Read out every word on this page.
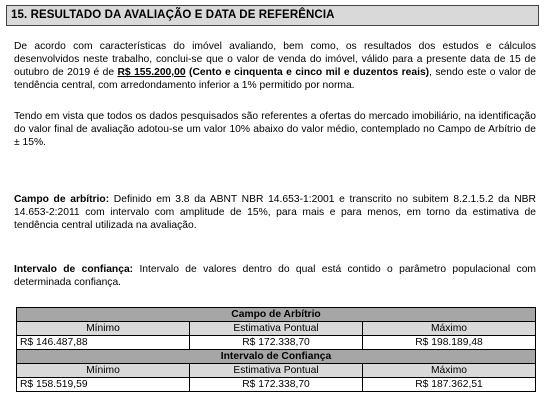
15. RESULTADO DA AVALIAÇÃO E DATA DE REFERÊNCIA
De acordo com características do imóvel avaliando, bem como, os resultados dos estudos e cálculos desenvolvidos neste trabalho, conclui-se que o valor de venda do imóvel, válido para a presente data de 15 de outubro de 2019 é de R$ 155.200,00 (Cento e cinquenta e cinco mil e duzentos reais), sendo este o valor de tendência central, com arredondamento inferior a 1% permitido por norma.
Tendo em vista que todos os dados pesquisados são referentes a ofertas do mercado imobiliário, na identificação do valor final de avaliação adotou-se um valor 10% abaixo do valor médio, contemplado no Campo de Arbítrio de ± 15%.
Campo de arbítrio: Definido em 3.8 da ABNT NBR 14.653-1:2001 e transcrito no subitem 8.2.1.5.2 da NBR 14.653-2:2011 com intervalo com amplitude de 15%, para mais e para menos, em torno da estimativa de tendência central utilizada na avaliação.
Intervalo de confiança: Intervalo de valores dentro do qual está contido o parâmetro populacional com determinada confiança.
Campo de Arbítrio		
Mínimo	Estimativa Pontual	Máximo
R$ 146.487,88	R$ 172.338,70	R$ 198.189,48
Intervalo de Confiança		
Mínimo	Estimativa Pontual	Máximo
R$ 158.519,59	R$ 172.338,70	R$ 187.362,51
